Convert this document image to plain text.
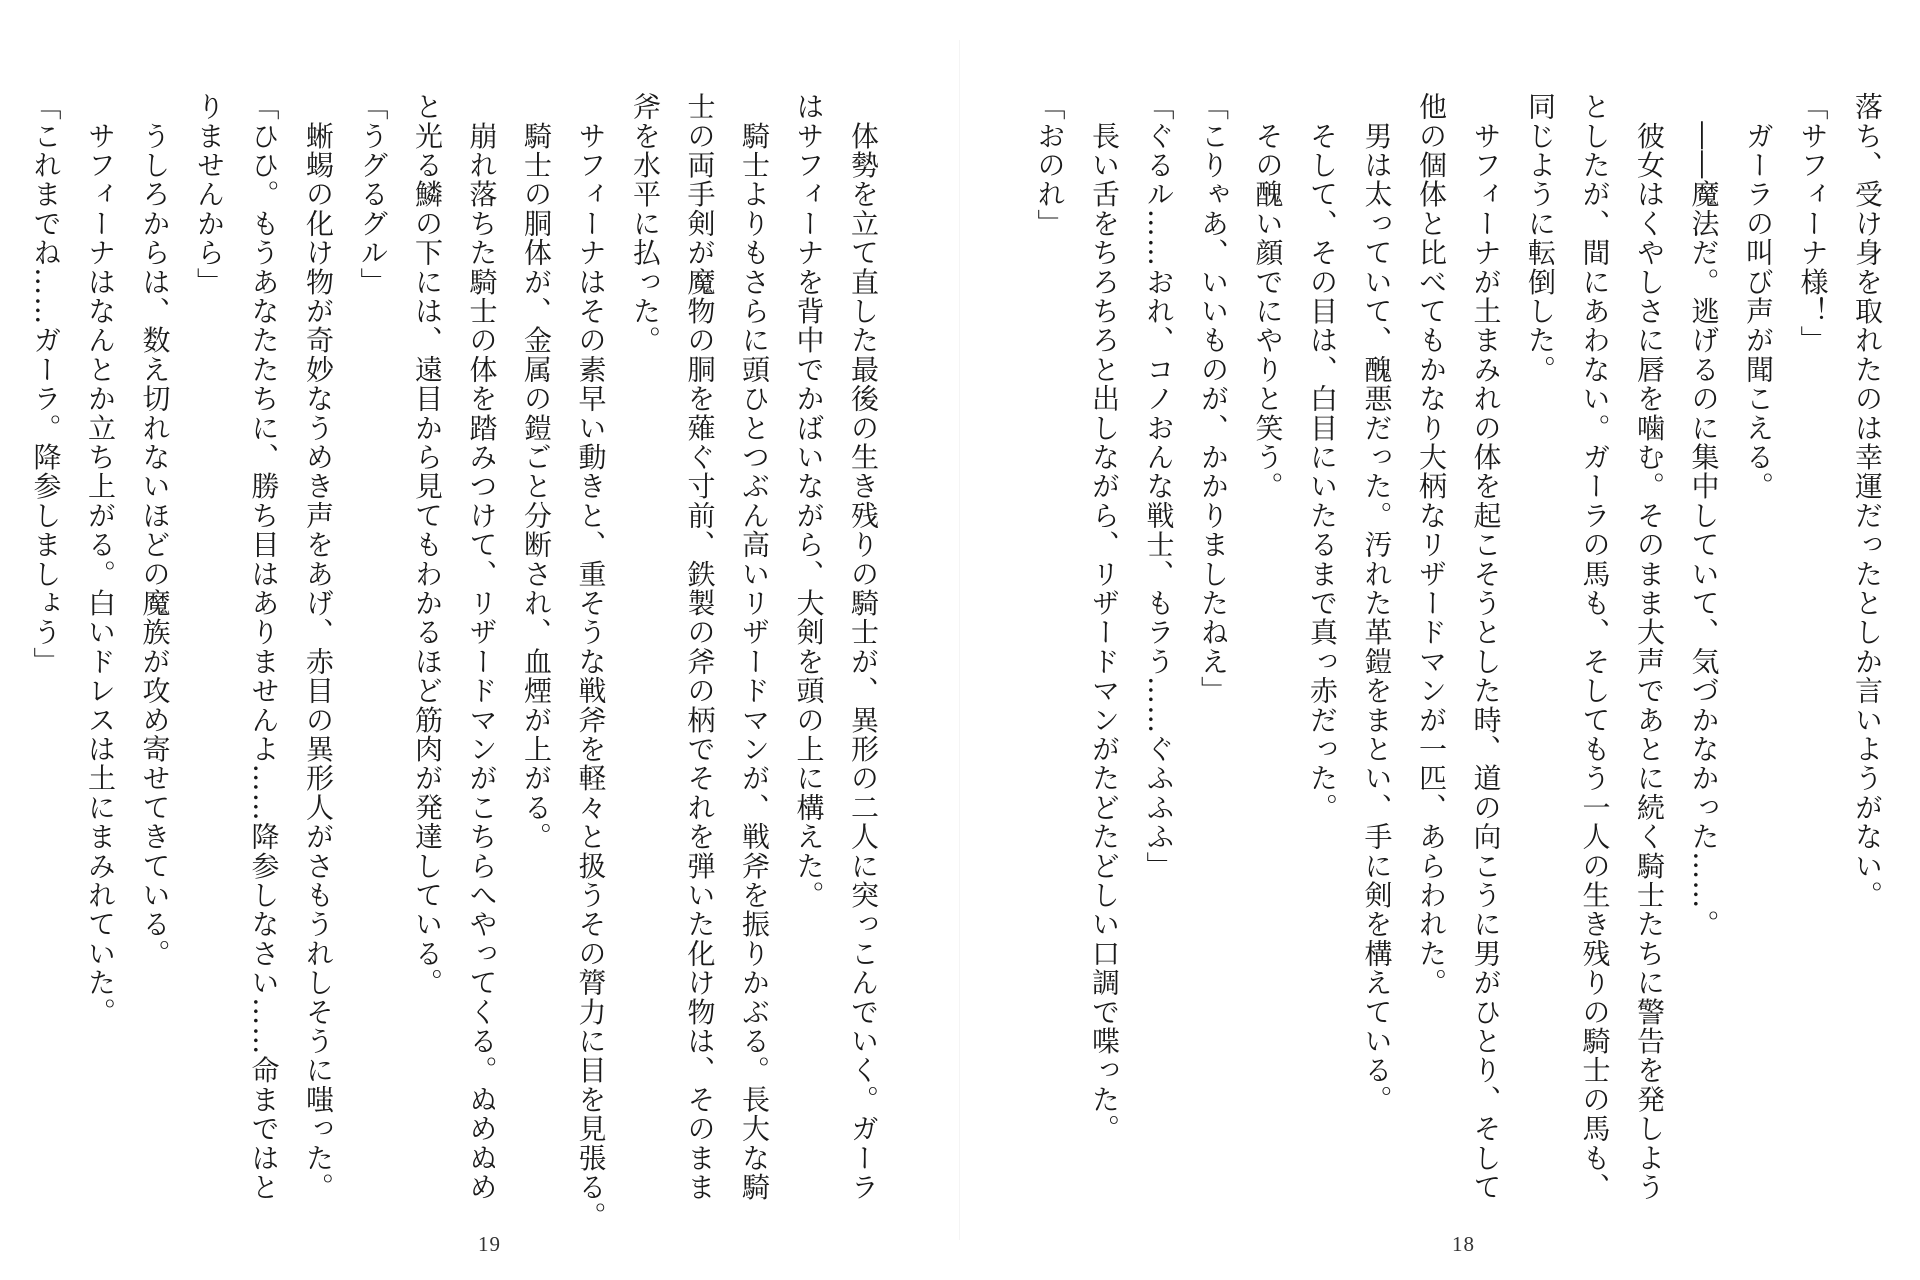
　体勢を立て直した最後の生き残りの騎士が、異形の二人に突っこんでいく。ガーラ
はサフィーナを背中でかばいながら、大剣を頭の上に構えた。
　騎士よりもさらに頭ひとつぶん高いリザードマンが、戦斧を振りかぶる。長大な騎
士の両手剣が魔物の胴を薙ぐ寸前、鉄製の斧の柄でそれを弾いた化け物は、そのまま
斧を水平に払った。
　サフィーナはその素早い動きと、重そうな戦斧を軽々と扱うその膂力に目を見張る。
　騎士の胴体が、金属の鎧ごと分断され、血煙が上がる。
　崩れ落ちた騎士の体を踏みつけて、リザードマンがこちらへやってくる。ぬめぬめ
と光る鱗の下には、遠目から見てもわかるほど筋肉が発達している。
「うグるグル」
　蜥蜴の化け物が奇妙なうめき声をあげ、赤目の異形人がさもうれしそうに嗤った。
「ひひ。もうあなたたちに、勝ち目はありませんよ……降参しなさい……命まではと
りませんから」
　うしろからは、数え切れないほどの魔族が攻め寄せてきている。
　サフィーナはなんとか立ち上がる。白いドレスは土にまみれていた。
「これまでね……ガーラ。降参しましょう」
19
落ち、受け身を取れたのは幸運だったとしか言いようがない。
「サフィーナ様！」
　ガーラの叫び声が聞こえる。
　――魔法だ。逃げるのに集中していて、気づかなかった……。
　彼女はくやしさに唇を噛む。そのまま大声であとに続く騎士たちに警告を発しよう
としたが、間にあわない。ガーラの馬も、そしてもう一人の生き残りの騎士の馬も、
同じように転倒した。
　サフィーナが土まみれの体を起こそうとした時、道の向こうに男がひとり、そして
他の個体と比べてもかなり大柄なリザードマンが一匹、あらわれた。
　男は太っていて、醜悪だった。汚れた革鎧をまとい、手に剣を構えている。
　そして、その目は、白目にいたるまで真っ赤だった。
　その醜い顔でにやりと笑う。
「こりゃあ、いいものが、かかりましたねえ」
「ぐるル……おれ、コノおんな戦士、もラう……ぐふふふ」
　長い舌をちろちろと出しながら、リザードマンがたどたどしい口調で喋った。
「おのれ」
18
